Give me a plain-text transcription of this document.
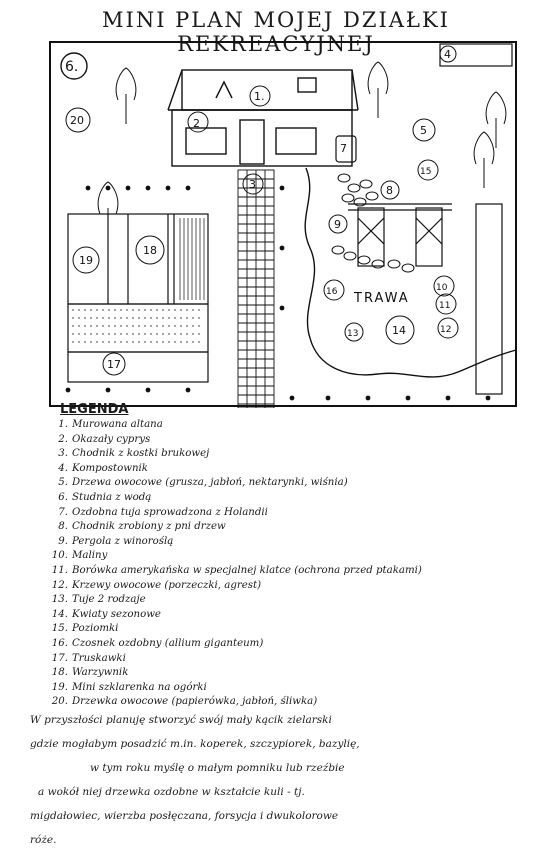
MINI PLAN MOJEJ DZIAŁKI REKREACYJNEJ
6.
1.
2
3
4
5
7
8
9
10
11
12
13	14
15
16
17
18
19
20
TRAWA
LEGENDA
1. Murowana altana
2. Okazały cyprys
3. Chodnik z kostki brukowej
4. Kompostownik
5. Drzewa owocowe (grusza, jabłoń, nektarynki, wiśnia)
6. Studnia z wodą
7. Ozdobna tuja sprowadzona z Holandii
8. Chodnik zrobiony z pni drzew
9. Pergola z winoroślą
10. Maliny
11. Borówka amerykańska w specjalnej klatce (ochrona przed ptakami)
12. Krzewy owocowe (porzeczki, agrest)
13. Tuje 2 rodzaje
14. Kwiaty sezonowe
15. Poziomki
16. Czosnek ozdobny (allium giganteum)
17. Truskawki
18. Warzywnik
19. Mini szklarenka na ogórki
20. Drzewka owocowe (papierówka, jabłoń, śliwka)
W przyszłości planuję stworzyć swój mały kącik zielarski
gdzie mogłabym posadzić m.in. koperek, szczypiorek, bazylię,
w tym roku myślę o małym pomniku lub rzeźbie
a wokół niej drzewka ozdobne w kształcie kuli - tj.
migdałowiec, wierzba posłęczana, forsycja i dwukolorowe
róże.
